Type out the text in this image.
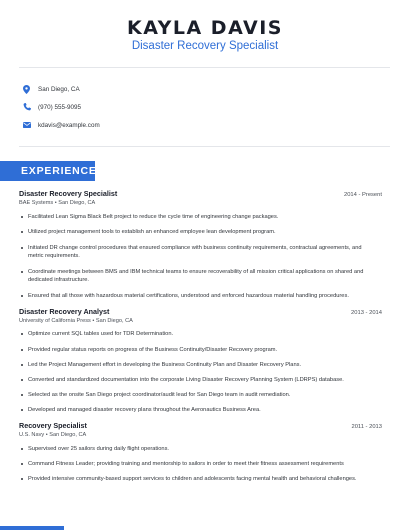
KAYLA DAVIS
Disaster Recovery Specialist
San Diego, CA
(970) 555-9095
kdavis@example.com
EXPERIENCE
Disaster Recovery Specialist	2014 - Present
BAE Systems • San Diego, CA
Facilitated Lean Sigma Black Belt project to reduce the cycle time of engineering change packages.
Utilized project management tools to establish an enhanced employee lean development program.
Initiated DR change control procedures that ensured compliance with business continuity requirements, contractual agreements, and metric requirements.
Coordinate meetings between BMS and IBM technical teams to ensure recoverability of all mission critical applications on shared and dedicated infrastructure.
Ensured that all those with hazardous material certifications, understood and enforced hazardous material handling procedures.
Disaster Recovery Analyst	2013 - 2014
University of California Press • San Diego, CA
Optimize current SQL tables used for TDR Determination.
Provided regular status reports on progress of the Business Continuity/Disaster Recovery program.
Led the Project Management effort in developing the Business Continuity Plan and Disaster Recovery Plans.
Converted and standardized documentation into the corporate Living Disaster Recovery Planning System (LDRPS) database.
Selected as the onsite San Diego project coordinator/audit lead for San Diego team in audit remediation.
Developed and managed disaster recovery plans throughout the Aeronautics Business Area.
Recovery Specialist	2011 - 2013
U.S. Navy • San Diego, CA
Supervised over 25 sailors during daily flight operations.
Command Fitness Leader; providing training and mentorship to sailors in order to meet their fitness assessment requirements
Provided intensive community-based support services to children and adolescents facing mental health and behavioral challenges.
